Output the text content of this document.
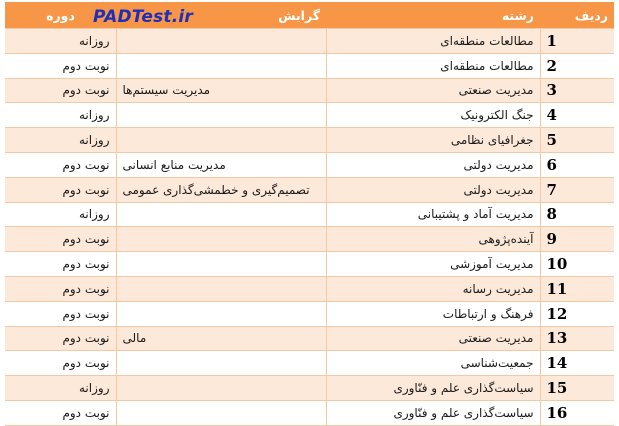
ردیف	رشته	گرایش	دوره
1	مطالعات منطقه‌ای		روزانه
2	مطالعات منطقه‌ای		نوبت دوم
3	مدیریت صنعتی	مدیریت سیستم‌ها	نوبت دوم
4	جنگ الکترونیک		روزانه
5	جغرافیای نظامی		روزانه
6	مدیریت دولتی	مدیریت منابع انسانی	نوبت دوم
7	مدیریت دولتی	تصمیم‌گیری و خطمشی‌گذاری عمومی	نوبت دوم
8	مدیریت آماد و پشتیبانی		روزانه
9	آینده‌پژوهی		نوبت دوم
10	مدیریت آموزشی		نوبت دوم
11	مدیریت رسانه		نوبت دوم
12	فرهنگ و ارتباطات		نوبت دوم
13	مدیریت صنعتی	مالی	نوبت دوم
14	جمعیت‌شناسی		نوبت دوم
15	سیاست‌گذاری علم و فنّاوری		روزانه
16	سیاست‌گذاری علم و فنّاوری		نوبت دوم
PADTest.ir
